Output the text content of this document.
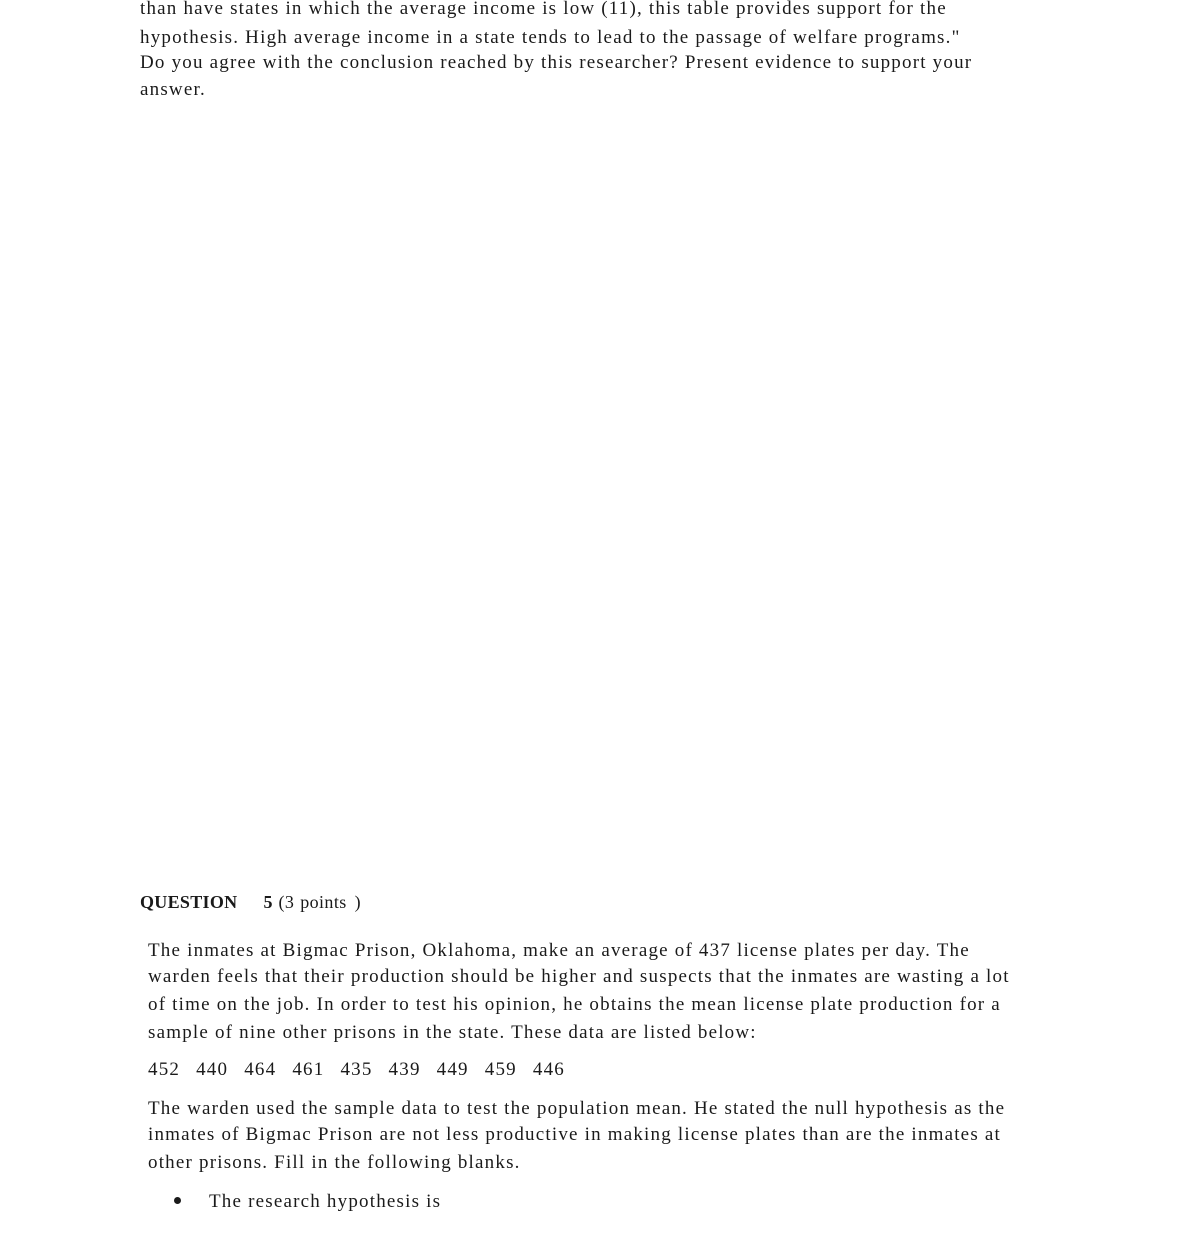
than have states in which the average income is low (11), this table provides support for the
hypothesis. High average income in a state tends to lead to the passage of welfare programs."
Do you agree with the conclusion reached by this researcher? Present evidence to support your
answer.
QUESTION 5 (3 points )
The inmates at Bigmac Prison, Oklahoma, make an average of 437 license plates per day. The
warden feels that their production should be higher and suspects that the inmates are wasting a lot
of time on the job. In order to test his opinion, he obtains the mean license plate production for a
sample of nine other prisons in the state. These data are listed below:
452 440 464 461 435 439 449 459 446
The warden used the sample data to test the population mean. He stated the null hypothesis as the
inmates of Bigmac Prison are not less productive in making license plates than are the inmates at
other prisons. Fill in the following blanks.
The research hypothesis is
